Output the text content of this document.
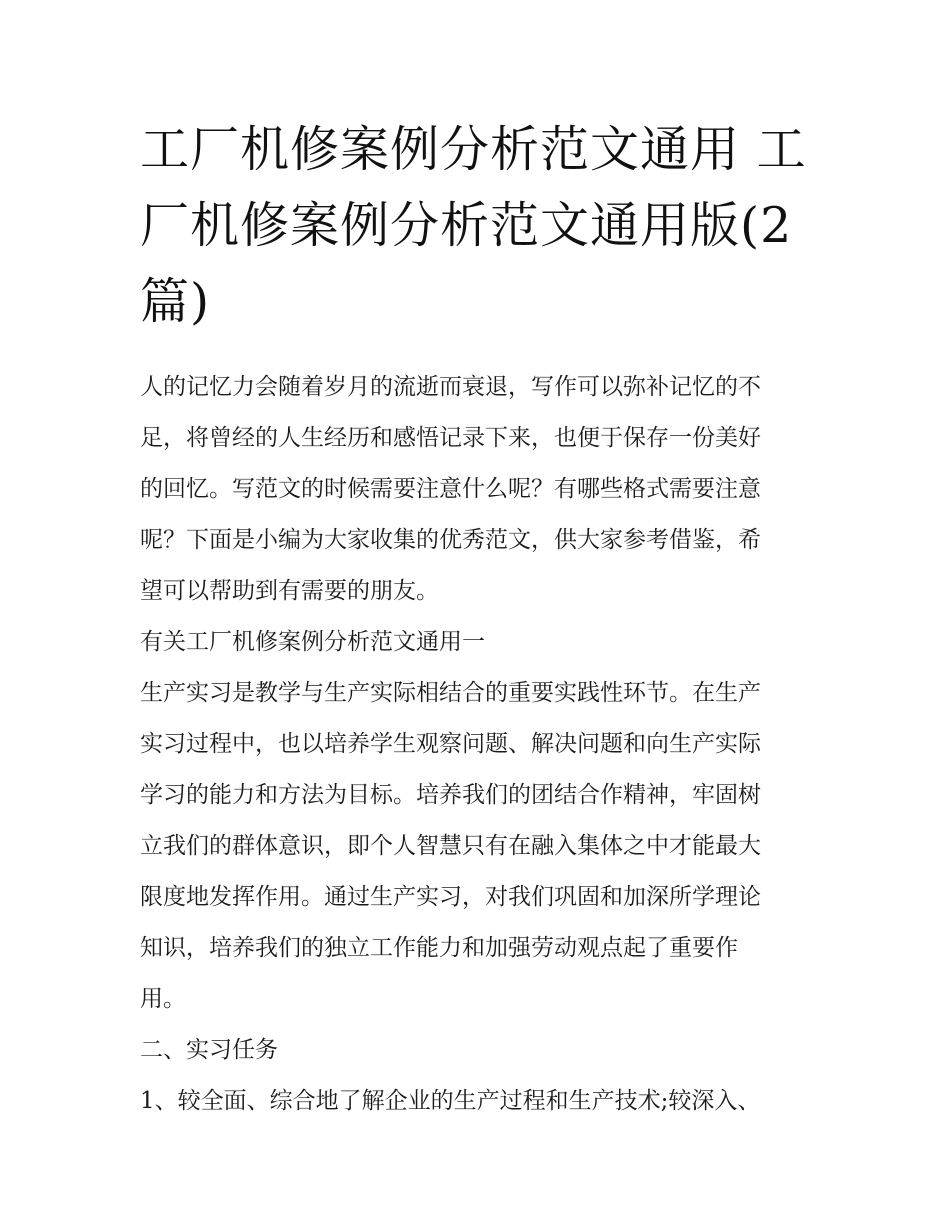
工厂机修案例分析范文通用 工
厂机修案例分析范文通用版(2
篇)

人的记忆力会随着岁月的流逝而衰退，写作可以弥补记忆的不
足，将曾经的人生经历和感悟记录下来，也便于保存一份美好
的回忆。写范文的时候需要注意什么呢？有哪些格式需要注意
呢？下面是小编为大家收集的优秀范文，供大家参考借鉴，希
望可以帮助到有需要的朋友。

有关工厂机修案例分析范文通用一

生产实习是教学与生产实际相结合的重要实践性环节。在生产
实习过程中，也以培养学生观察问题、解决问题和向生产实际
学习的能力和方法为目标。培养我们的团结合作精神，牢固树
立我们的群体意识，即个人智慧只有在融入集体之中才能最大
限度地发挥作用。通过生产实习，对我们巩固和加深所学理论
知识，培养我们的独立工作能力和加强劳动观点起了重要作
用。

二、实习任务

1、较全面、综合地了解企业的生产过程和生产技术;较深入、
